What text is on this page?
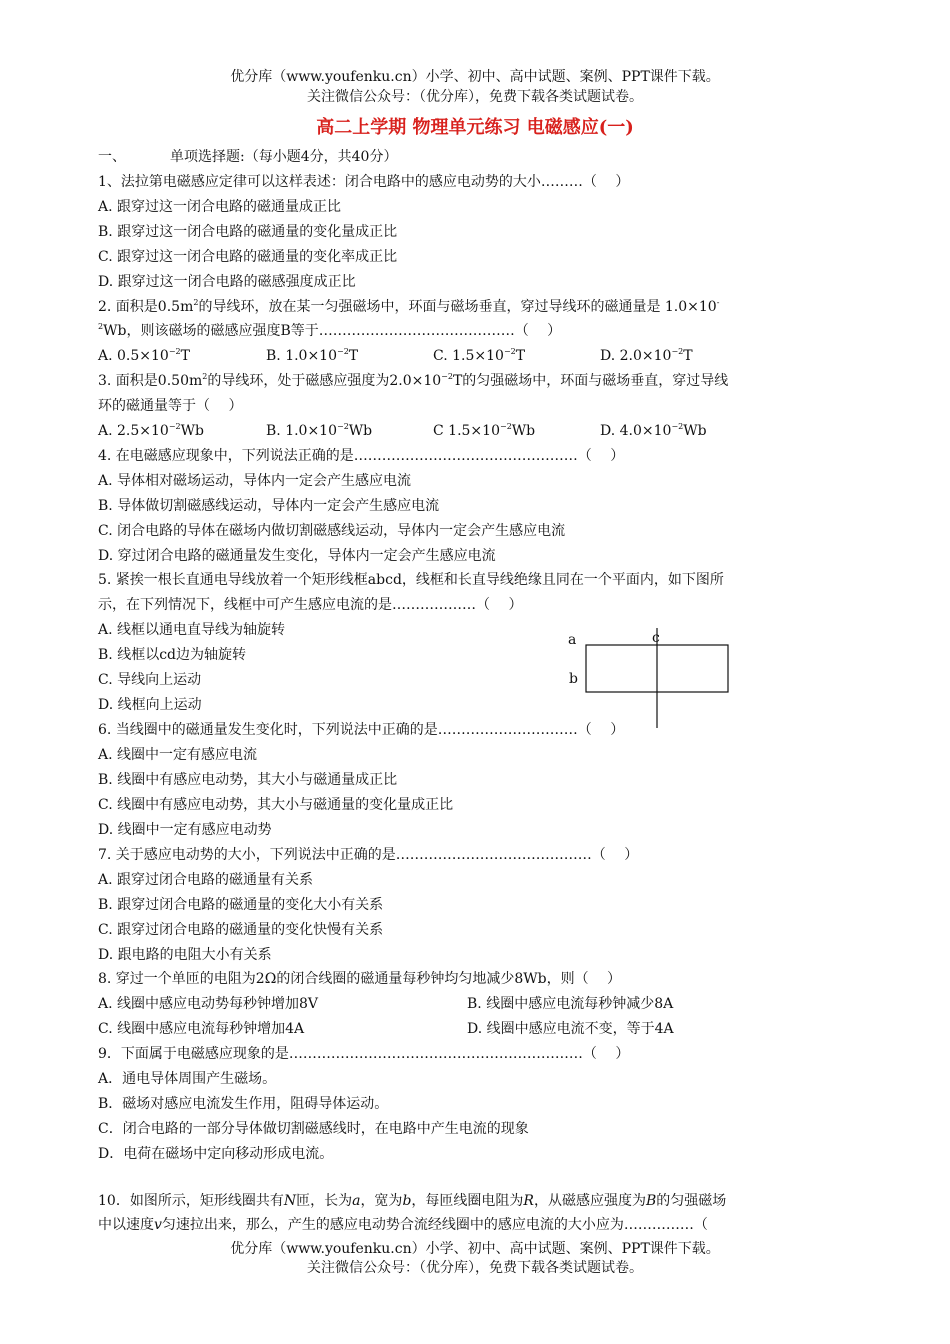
优分库（www.youfenku.cn）小学、初中、高中试题、案例、PPT课件下载。
关注微信公众号：（优分库），免费下载各类试题试卷。
高二上学期 物理单元练习 电磁感应(一)
一、	单项选择题:（每小题4分，共40分）
1、法拉第电磁感应定律可以这样表述：闭合电路中的感应电动势的大小………（　 ）
A. 跟穿过这一闭合电路的磁通量成正比
B. 跟穿过这一闭合电路的磁通量的变化量成正比
C. 跟穿过这一闭合电路的磁通量的变化率成正比
D. 跟穿过这一闭合电路的磁感强度成正比
2. 面积是$0.5m^2$的导线环，放在某一匀强磁场中，环面与磁场垂直，穿过导线环的磁通量是 1.0×10-
$^2$Wb，则该磁场的磁感应强度B等于……………………………………（　 ）
A. $0.5\times 10^{-2}T$	B. $1.0\times 10^{-2}T$	C. $1.5\times 10^{-2}T$	D. $2.0\times 10^{-2}T$
3. 面积是$0.50m^2$的导线环，处于磁感应强度为$2.0\times 10^{-2}T$的匀强磁场中，环面与磁场垂直，穿过导线
环的磁通量等于（　 ）
A. $2.5\times 10^{-2}Wb$	B. $1.0\times 10^{-2}Wb$	C $1.5\times 10^{-2}Wb$	D. $4.0\times 10^{-2}Wb$
4. 在电磁感应现象中，下列说法正确的是…………………………………………（　 ）
A. 导体相对磁场运动，导体内一定会产生感应电流
B. 导体做切割磁感线运动，导体内一定会产生感应电流
C. 闭合电路的导体在磁场内做切割磁感线运动，导体内一定会产生感应电流
D. 穿过闭合电路的磁通量发生变化，导体内一定会产生感应电流
5. 紧挨一根长直通电导线放着一个矩形线框abcd，线框和长直导线绝缘且同在一个平面内，如下图所
示，在下列情况下，线框中可产生感应电流的是………………（　 ）
A. 线框以通电直导线为轴旋转
B. 线框以cd边为轴旋转
C. 导线向上运动
D. 线框向上运动
a
b
c
6. 当线圈中的磁通量发生变化时，下列说法中正确的是…………………………（　 ）
A. 线圈中一定有感应电流
B. 线圈中有感应电动势，其大小与磁通量成正比
C. 线圈中有感应电动势，其大小与磁通量的变化量成正比
D. 线圈中一定有感应电动势
7. 关于感应电动势的大小，下列说法中正确的是……………………………………（　 ）
A. 跟穿过闭合电路的磁通量有关系
B. 跟穿过闭合电路的磁通量的变化大小有关系
C. 跟穿过闭合电路的磁通量的变化快慢有关系
D. 跟电路的电阻大小有关系
8. 穿过一个单匝的电阻为2Ω的闭合线圈的磁通量每秒钟均匀地减少8Wb，则（　 ）
A. 线圈中感应电动势每秒钟增加8V	B. 线圈中感应电流每秒钟减少8A
C. 线圈中感应电流每秒钟增加4A	D. 线圈中感应电流不变，等于4A
9．下面属于电磁感应现象的是………………………………………………………（　 ）
A．通电导体周围产生磁场。
B．磁场对感应电流发生作用，阻碍导体运动。
C．闭合电路的一部分导体做切割磁感线时，在电路中产生电流的现象
D．电荷在磁场中定向移动形成电流。
10．如图所示，矩形线圈共有N匝，长为a，宽为b，每匝线圈电阻为R，从磁感应强度为B的匀强磁场
中以速度v匀速拉出来，那么，产生的感应电动势合流经线圈中的感应电流的大小应为……………（
优分库（www.youfenku.cn）小学、初中、高中试题、案例、PPT课件下载。
关注微信公众号：（优分库），免费下载各类试题试卷。
